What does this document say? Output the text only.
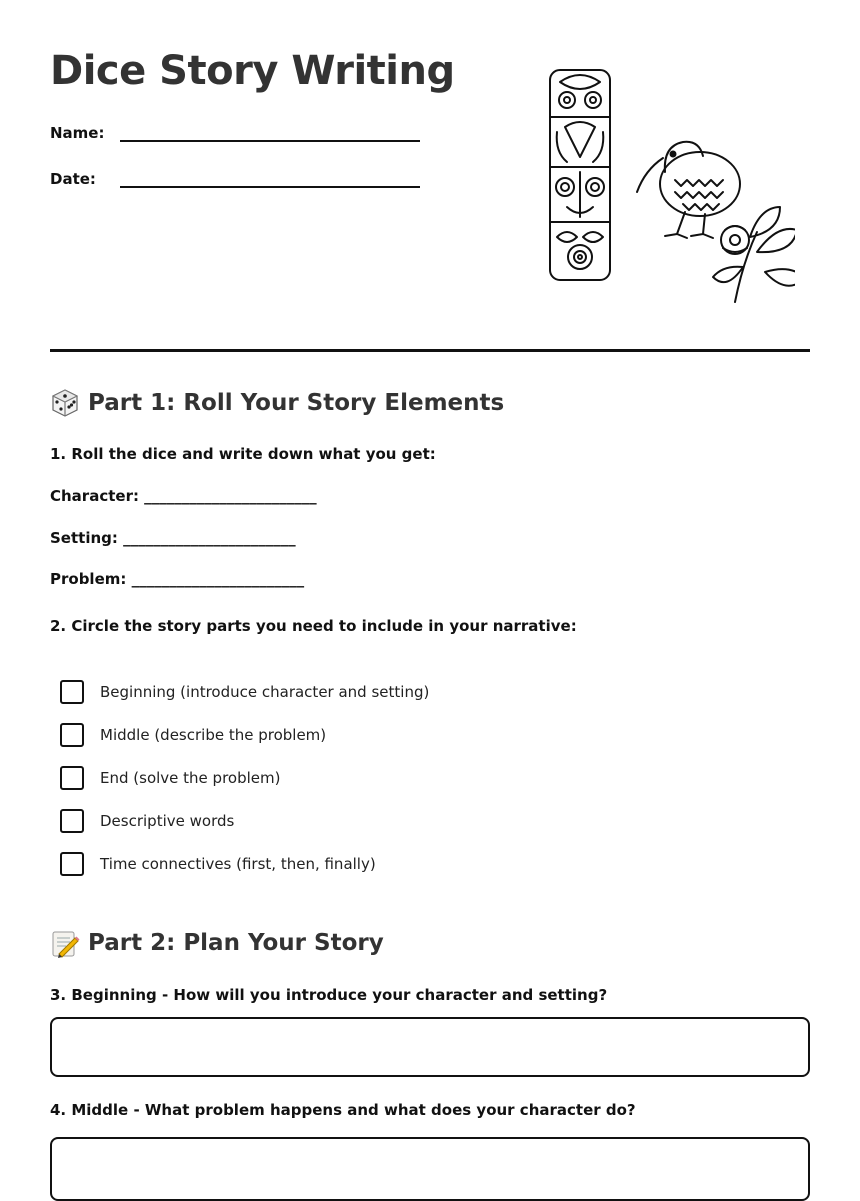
Dice Story Writing
Name:
Date:
Part 1: Roll Your Story Elements
1. Roll the dice and write down what you get:
Character: _______________________
Setting: _______________________
Problem: _______________________
2. Circle the story parts you need to include in your narrative:
Beginning (introduce character and setting)
Middle (describe the problem)
End (solve the problem)
Descriptive words
Time connectives (first, then, finally)
Part 2: Plan Your Story
3. Beginning - How will you introduce your character and setting?
4. Middle - What problem happens and what does your character do?
